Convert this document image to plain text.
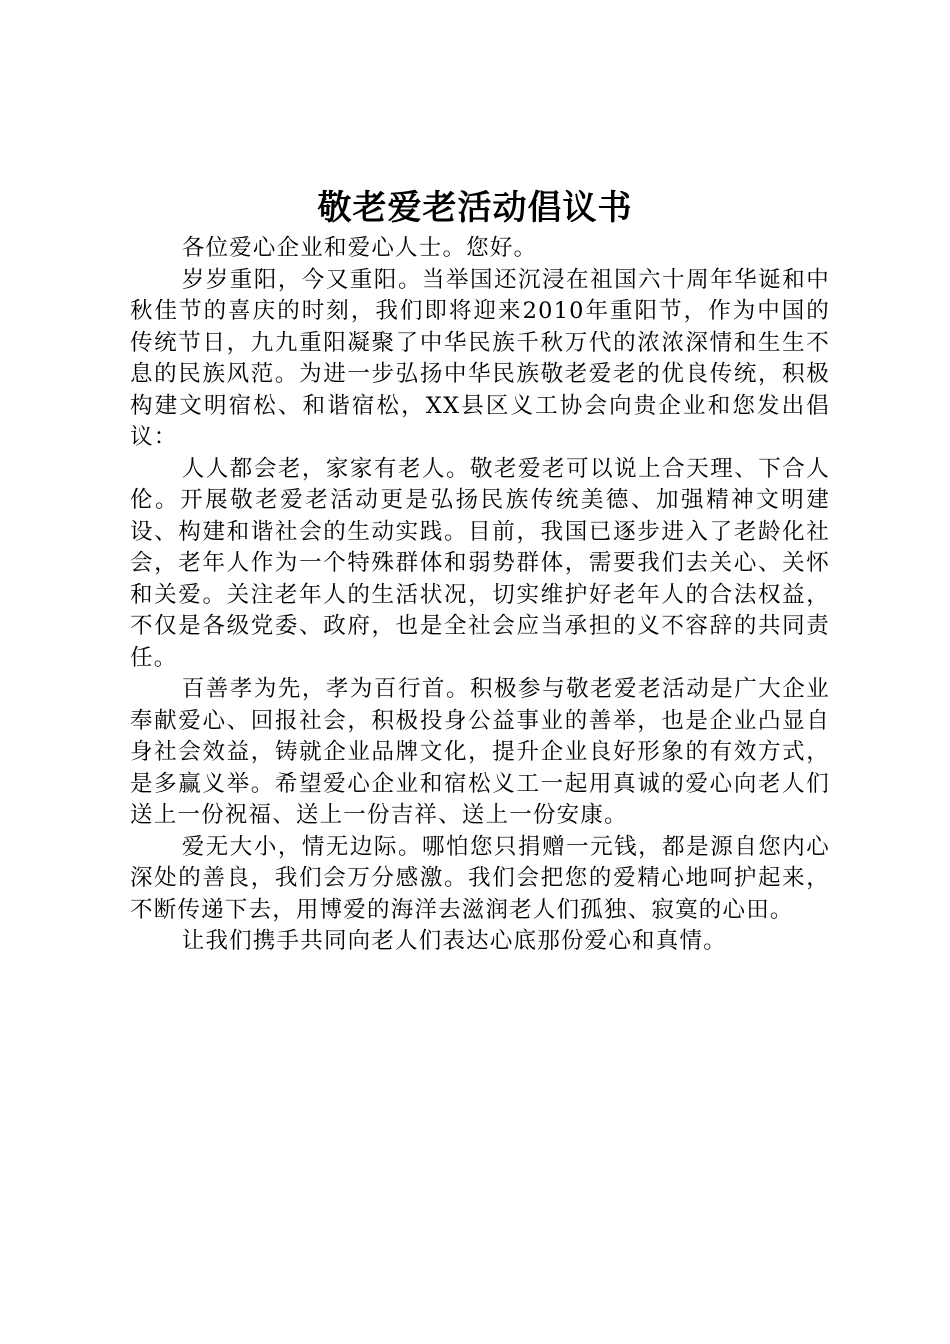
敬老爱老活动倡议书

各位爱心企业和爱心人士。您好。

岁岁重阳，今又重阳。当举国还沉浸在祖国六十周年华诞和中秋佳节的喜庆的时刻，我们即将迎来2010年重阳节，作为中国的传统节日，九九重阳凝聚了中华民族千秋万代的浓浓深情和生生不息的民族风范。为进一步弘扬中华民族敬老爱老的优良传统，积极构建文明宿松、和谐宿松，XX县区义工协会向贵企业和您发出倡议：

人人都会老，家家有老人。敬老爱老可以说上合天理、下合人伦。开展敬老爱老活动更是弘扬民族传统美德、加强精神文明建设、构建和谐社会的生动实践。目前，我国已逐步进入了老龄化社会，老年人作为一个特殊群体和弱势群体，需要我们去关心、关怀和关爱。关注老年人的生活状况，切实维护好老年人的合法权益，不仅是各级党委、政府，也是全社会应当承担的义不容辞的共同责任。

百善孝为先，孝为百行首。积极参与敬老爱老活动是广大企业奉献爱心、回报社会，积极投身公益事业的善举，也是企业凸显自身社会效益，铸就企业品牌文化，提升企业良好形象的有效方式，是多赢义举。希望爱心企业和宿松义工一起用真诚的爱心向老人们送上一份祝福、送上一份吉祥、送上一份安康。

爱无大小，情无边际。哪怕您只捐赠一元钱，都是源自您内心深处的善良，我们会万分感激。我们会把您的爱精心地呵护起来，不断传递下去，用博爱的海洋去滋润老人们孤独、寂寞的心田。

让我们携手共同向老人们表达心底那份爱心和真情。
